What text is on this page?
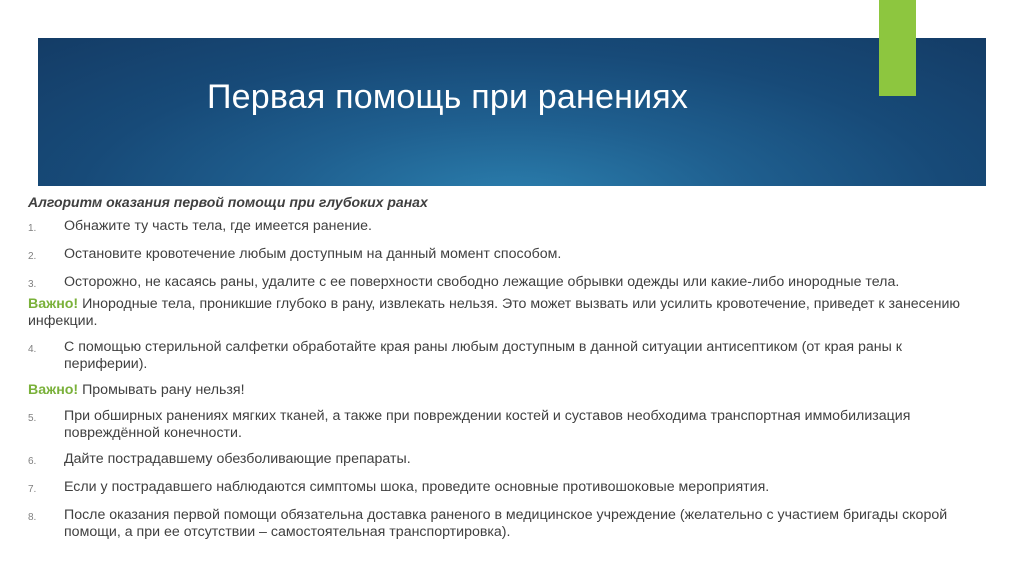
Первая помощь при ранениях

Алгоритм оказания первой помощи при глубоких ранах

1.	Обнажите ту часть тела, где имеется ранение.
2.	Остановите кровотечение любым доступным на данный момент способом.
3.	Осторожно, не касаясь раны, удалите с ее поверхности свободно лежащие обрывки одежды или какие-либо инородные тела.

Важно! Инородные тела, проникшие глубоко в рану, извлекать нельзя. Это может вызвать или усилить кровотечение, приведет к занесению инфекции.

4.	С помощью стерильной салфетки обработайте края раны любым доступным в данной ситуации антисептиком (от края раны к периферии).

Важно! Промывать рану нельзя!

5.	При обширных ранениях мягких тканей, а также при повреждении костей и суставов необходима транспортная иммобилизация повреждённой конечности.
6.	Дайте пострадавшему обезболивающие препараты.
7.	Если у пострадавшего наблюдаются симптомы шока, проведите основные противошоковые мероприятия.
8.	После оказания первой помощи обязательна доставка раненого в медицинское учреждение (желательно с участием бригады скорой помощи, а при ее отсутствии – самостоятельная транспортировка).
